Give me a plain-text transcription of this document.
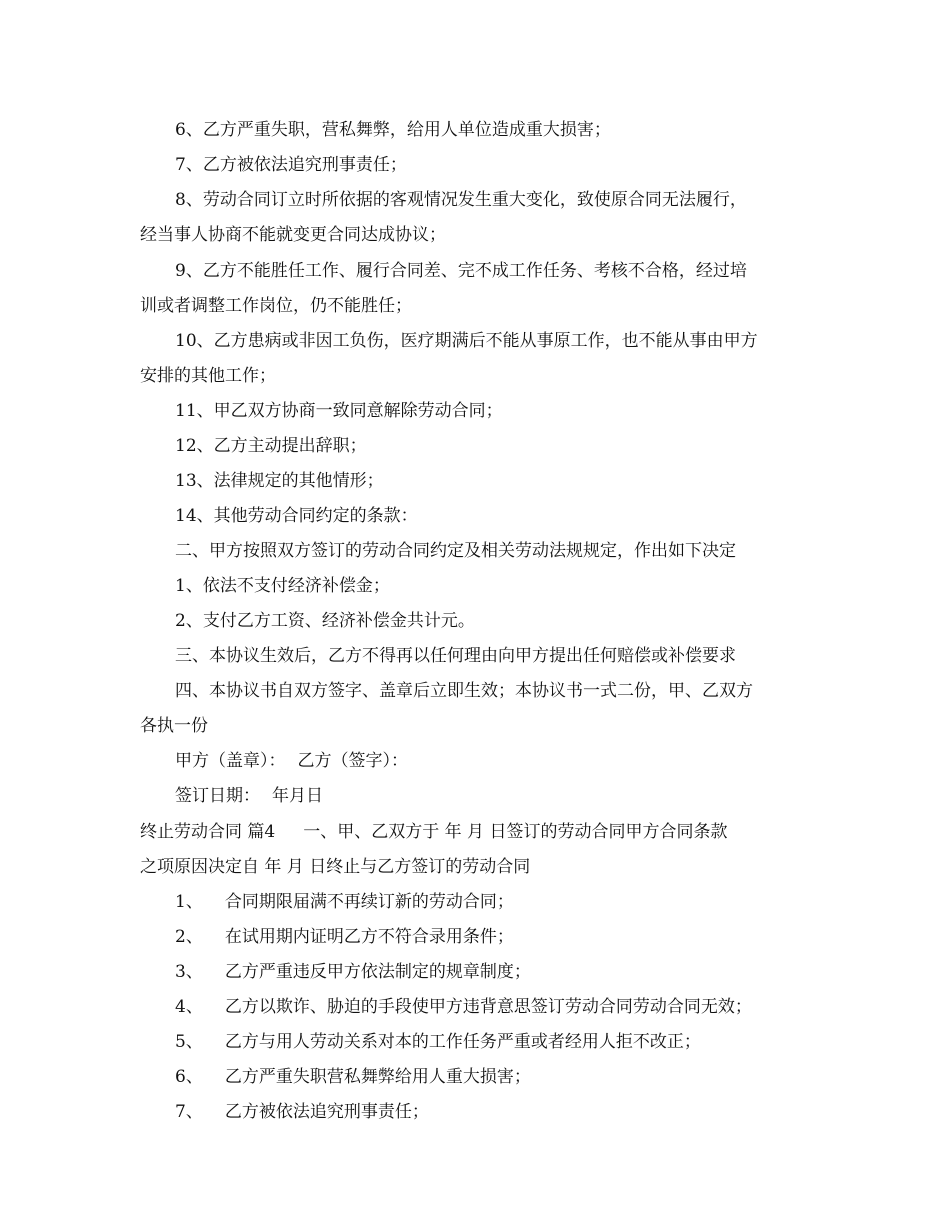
6、乙方严重失职，营私舞弊，给用人单位造成重大损害；
7、乙方被依法追究刑事责任；
8、劳动合同订立时所依据的客观情况发生重大变化，致使原合同无法履行，
经当事人协商不能就变更合同达成协议；
9、乙方不能胜任工作、履行合同差、完不成工作任务、考核不合格，经过培
训或者调整工作岗位，仍不能胜任；
10、乙方患病或非因工负伤，医疗期满后不能从事原工作，也不能从事由甲方
安排的其他工作；
11、甲乙双方协商一致同意解除劳动合同；
12、乙方主动提出辞职；
13、法律规定的其他情形；
14、其他劳动合同约定的条款：
二、甲方按照双方签订的劳动合同约定及相关劳动法规规定，作出如下决定
1、依法不支付经济补偿金；
2、支付乙方工资、经济补偿金共计元。
三、本协议生效后，乙方不得再以任何理由向甲方提出任何赔偿或补偿要求
四、本协议书自双方签字、盖章后立即生效；本协议书一式二份，甲、乙双方
各执一份
甲方（盖章）： 乙方（签字）：
签订日期： 年月日
终止劳动合同 篇4 一、甲、乙双方于 年 月 日签订的劳动合同甲方合同条款
之项原因决定自 年 月 日终止与乙方签订的劳动合同
1、 合同期限届满不再续订新的劳动合同；
2、 在试用期内证明乙方不符合录用条件；
3、 乙方严重违反甲方依法制定的规章制度；
4、 乙方以欺诈、胁迫的手段使甲方违背意思签订劳动合同劳动合同无效；
5、 乙方与用人劳动关系对本的工作任务严重或者经用人拒不改正；
6、 乙方严重失职营私舞弊给用人重大损害；
7、 乙方被依法追究刑事责任；
